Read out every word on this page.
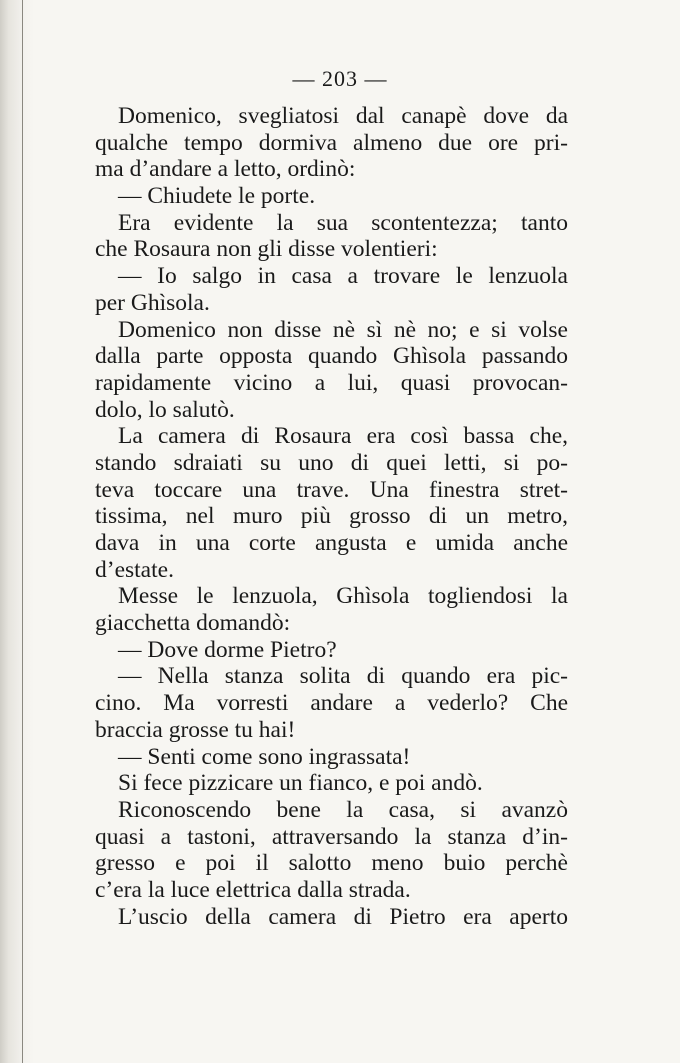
— 203 —
Domenico, svegliatosi dal canapè dove da
qualche tempo dormiva almeno due ore pri-
ma d’andare a letto, ordinò:
— Chiudete le porte.
Era evidente la sua scontentezza; tanto
che Rosaura non gli disse volentieri:
— Io salgo in casa a trovare le lenzuola
per Ghìsola.
Domenico non disse nè sì nè no; e si volse
dalla parte opposta quando Ghìsola passando
rapidamente vicino a lui, quasi provocan-
dolo, lo salutò.
La camera di Rosaura era così bassa che,
stando sdraiati su uno di quei letti, si po-
teva toccare una trave. Una finestra stret-
tissima, nel muro più grosso di un metro,
dava in una corte angusta e umida anche
d’estate.
Messe le lenzuola, Ghìsola togliendosi la
giacchetta domandò:
— Dove dorme Pietro?
— Nella stanza solita di quando era pic-
cino. Ma vorresti andare a vederlo? Che
braccia grosse tu hai!
— Senti come sono ingrassata!
Si fece pizzicare un fianco, e poi andò.
Riconoscendo bene la casa, si avanzò
quasi a tastoni, attraversando la stanza d’in-
gresso e poi il salotto meno buio perchè
c’era la luce elettrica dalla strada.
L’uscio della camera di Pietro era aperto
